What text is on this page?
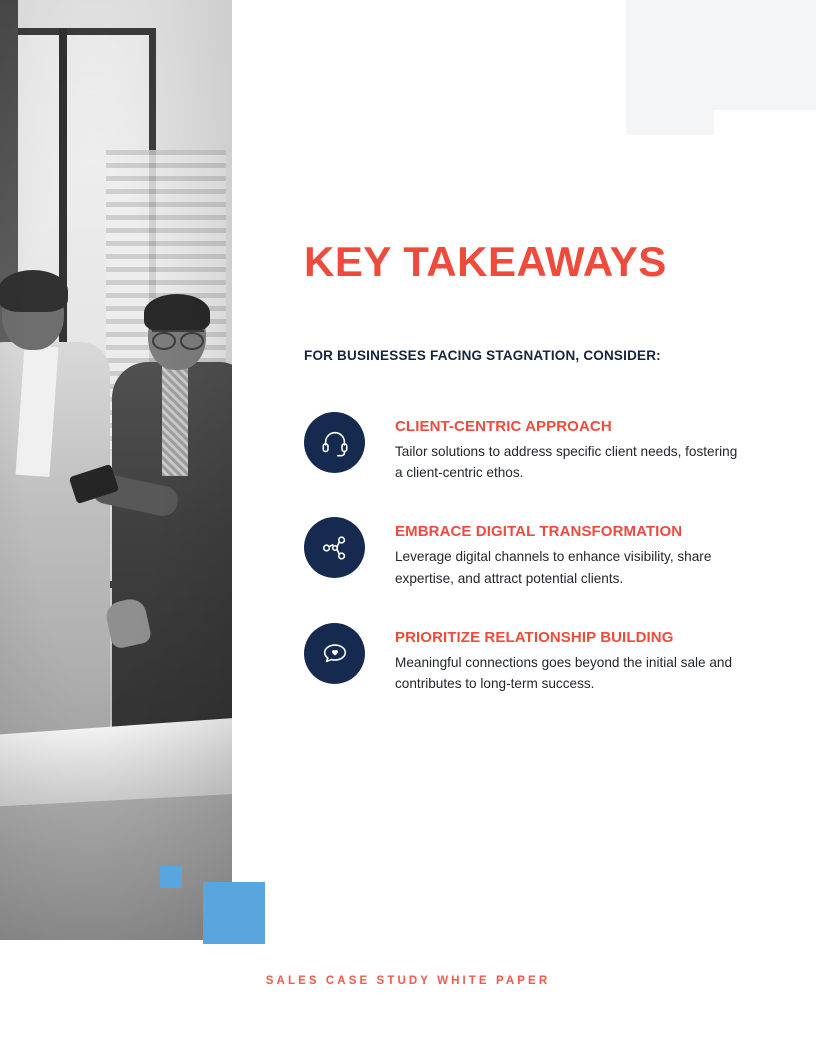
KEY TAKEAWAYS
FOR BUSINESSES FACING STAGNATION, CONSIDER:

CLIENT-CENTRIC APPROACH

Tailor solutions to address specific client needs, fostering a client-centric ethos.

EMBRACE DIGITAL TRANSFORMATION

Leverage digital channels to enhance visibility, share expertise, and attract potential clients.

PRIORITIZE RELATIONSHIP BUILDING

Meaningful connections goes beyond the initial sale and contributes to long-term success.

SALES CASE STUDY WHITE PAPER
